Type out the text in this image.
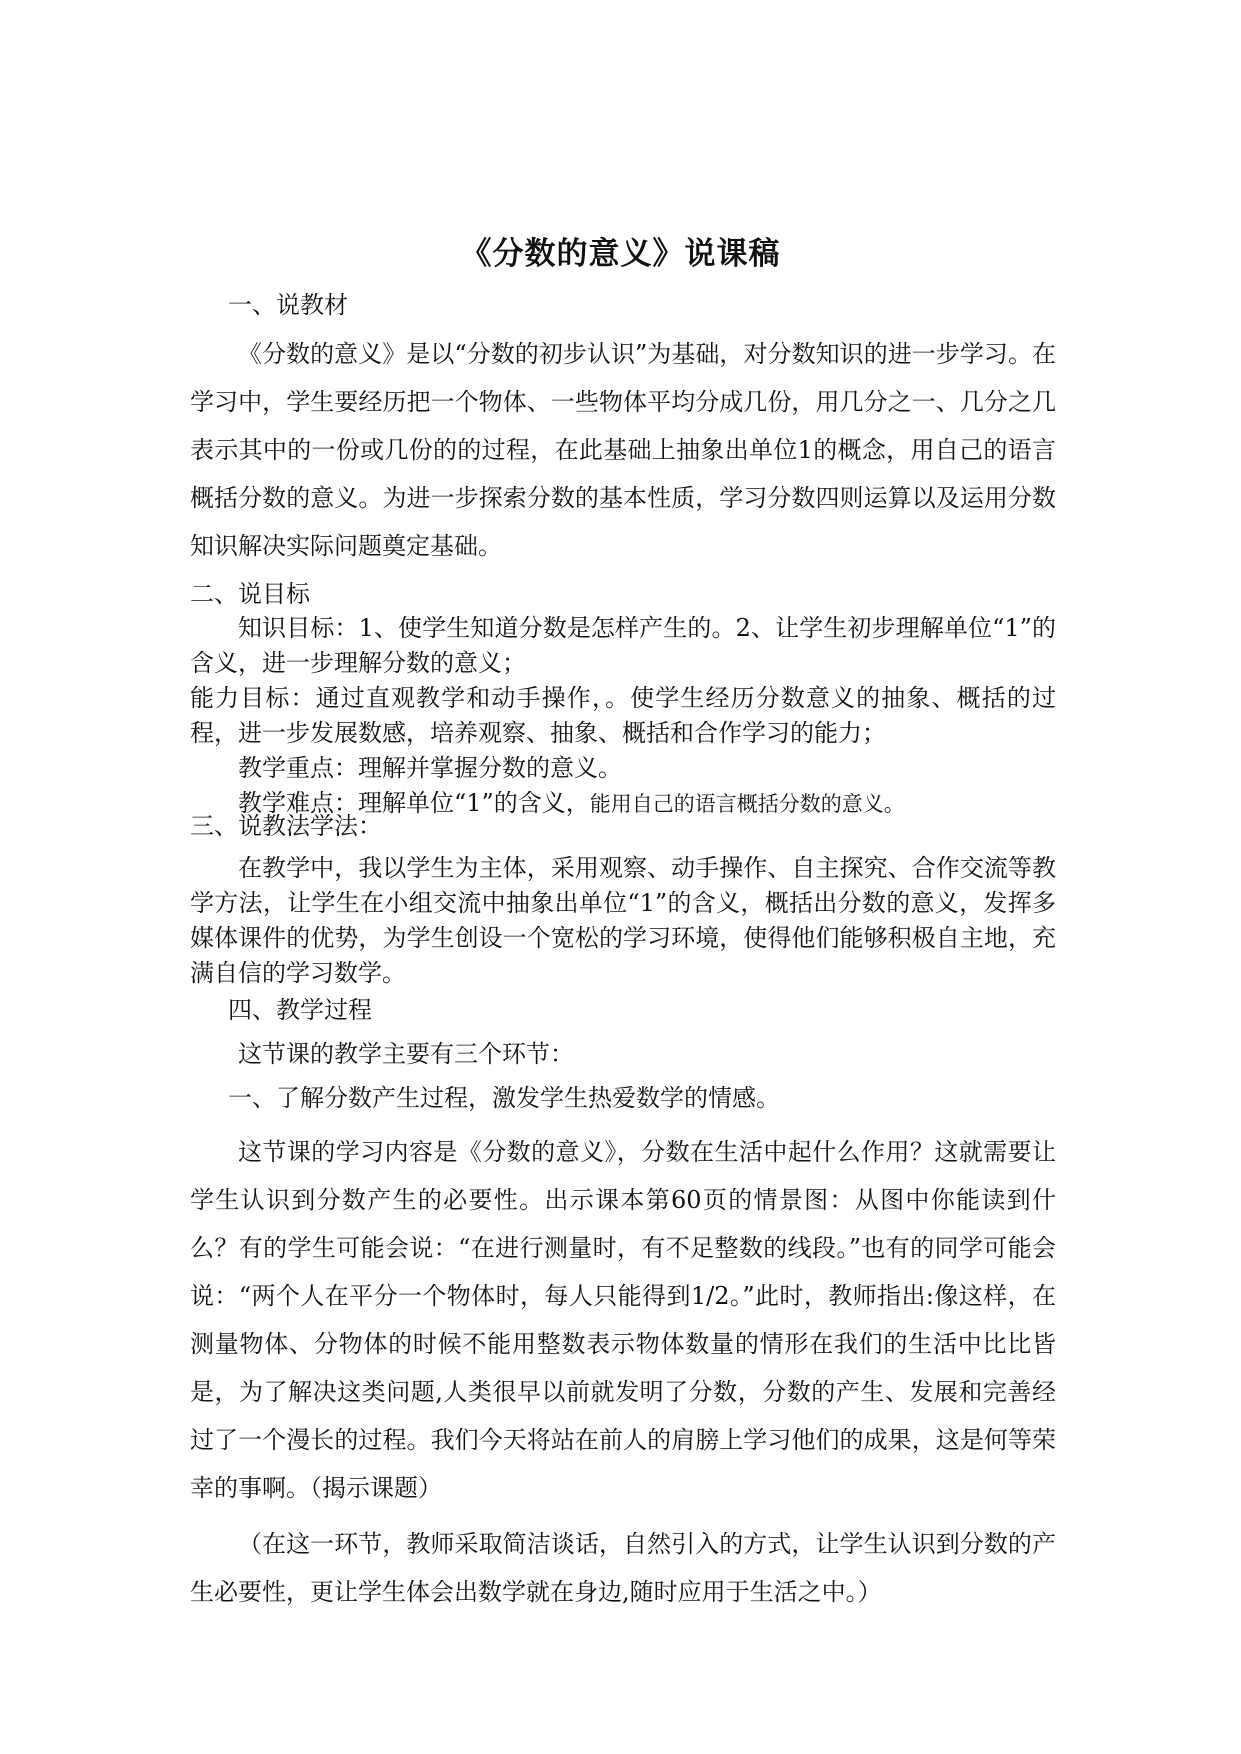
《分数的意义》说课稿
一、说教材

《分数的意义》是以“分数的初步认识”为基础，对分数知识的进一步学习。在学习中，学生要经历把一个物体、一些物体平均分成几份，用几分之一、几分之几表示其中的一份或几份的的过程，在此基础上抽象出单位1的概念，用自己的语言概括分数的意义。为进一步探索分数的基本性质，学习分数四则运算以及运用分数知识解决实际问题奠定基础。

二、说目标

知识目标：1、使学生知道分数是怎样产生的。2、让学生初步理解单位“1”的含义，进一步理解分数的意义；

能力目标：通过直观教学和动手操作，。使学生经历分数意义的抽象、概括的过程，进一步发展数感，培养观察、抽象、概括和合作学习的能力；

教学重点：理解并掌握分数的意义。

教学难点：理解单位“1”的含义，能用自己的语言概括分数的意义。

三、说教法学法：

在教学中，我以学生为主体，采用观察、动手操作、自主探究、合作交流等教学方法，让学生在小组交流中抽象出单位“1”的含义，概括出分数的意义，发挥多媒体课件的优势，为学生创设一个宽松的学习环境，使得他们能够积极自主地，充满自信的学习数学。

四、教学过程
这节课的教学主要有三个环节：
一、了解分数产生过程，激发学生热爱数学的情感。

这节课的学习内容是《分数的意义》，分数在生活中起什么作用？这就需要让学生认识到分数产生的必要性。出示课本第60页的情景图：从图中你能读到什么？有的学生可能会说：“在进行测量时，有不足整数的线段。”也有的同学可能会说：“两个人在平分一个物体时，每人只能得到1/2。”此时，教师指出:像这样，在测量物体、分物体的时候不能用整数表示物体数量的情形在我们的生活中比比皆是，为了解决这类问题,人类很早以前就发明了分数，分数的产生、发展和完善经过了一个漫长的过程。我们今天将站在前人的肩膀上学习他们的成果，这是何等荣幸的事啊。（揭示课题）

（在这一环节，教师采取简洁谈话，自然引入的方式，让学生认识到分数的产生必要性，更让学生体会出数学就在身边,随时应用于生活之中。）
